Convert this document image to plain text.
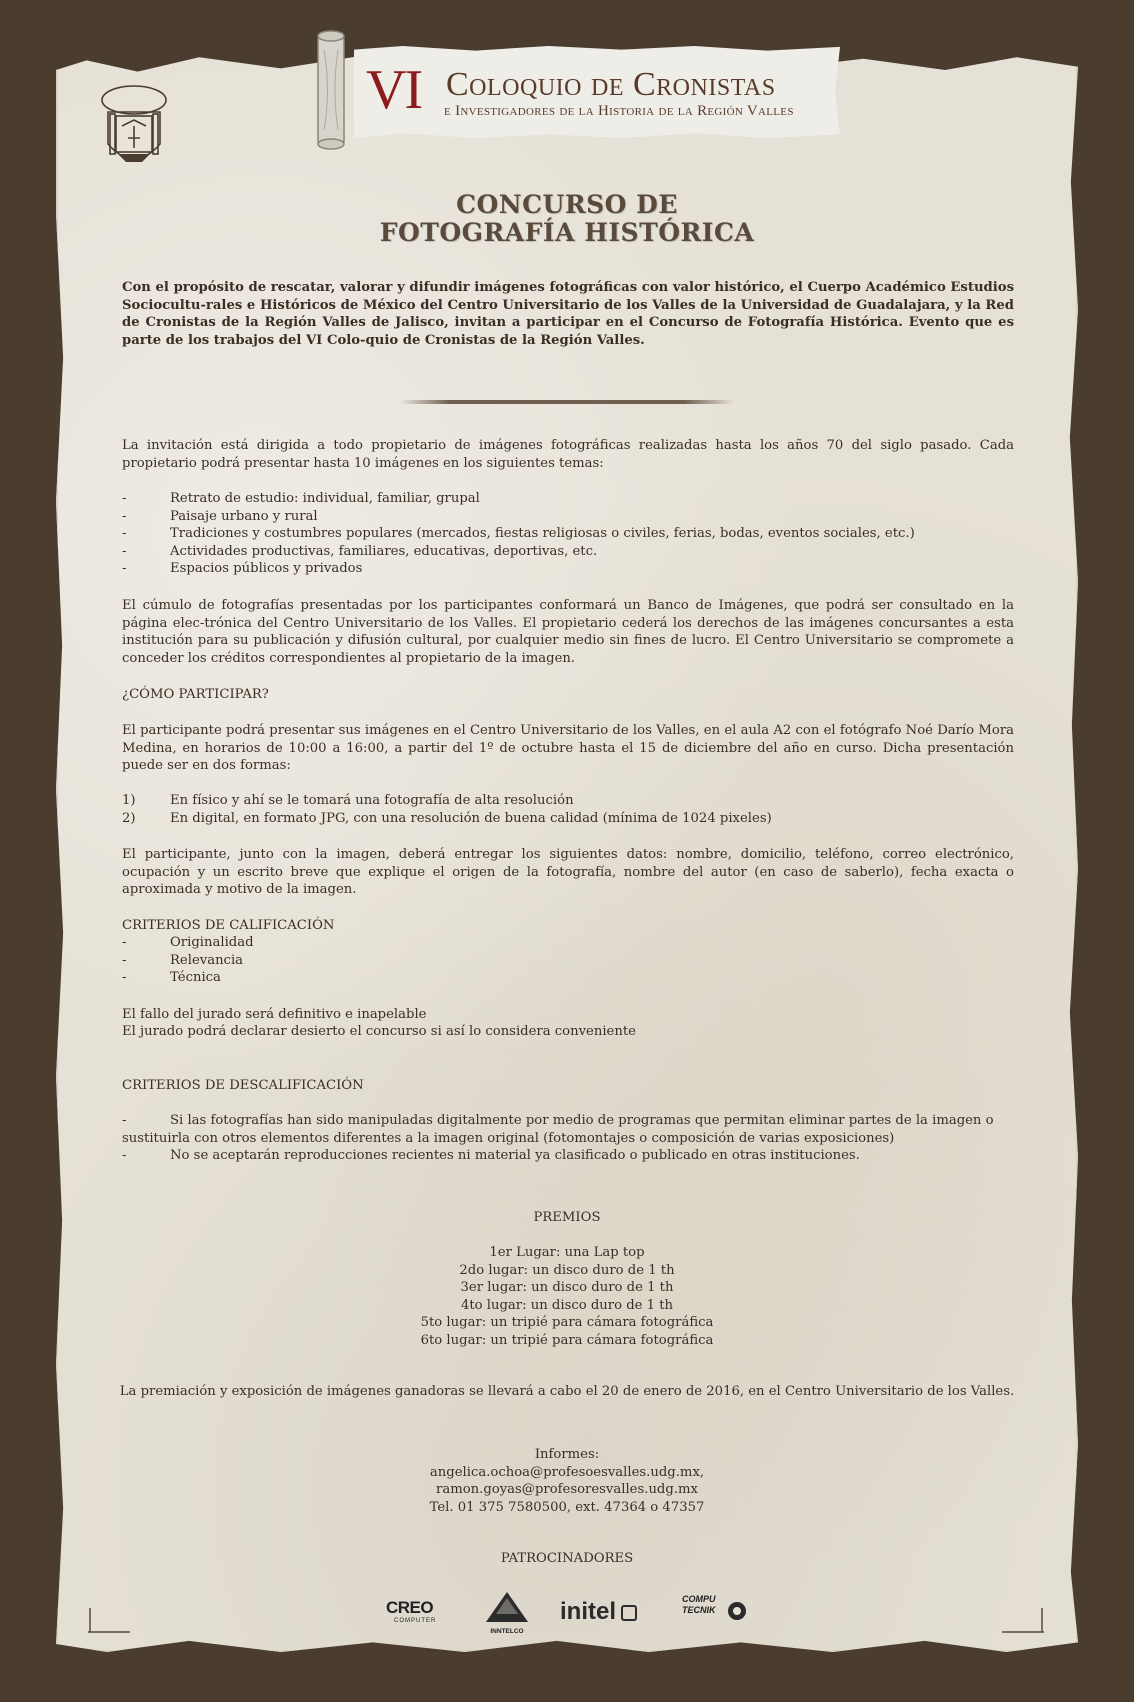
VI Coloquio de Cronistas
e Investigadores de la Historia de la Región Valles
CONCURSO DE
FOTOGRAFÍA HISTÓRICA
Con el propósito de rescatar, valorar y difundir imágenes fotográficas con valor histórico, el Cuerpo Académico Estudios Sociocultu-rales e Históricos de México del Centro Universitario de los Valles de la Universidad de Guadalajara, y la Red de Cronistas de la Región Valles de Jalisco, invitan a participar en el Concurso de Fotografía Histórica. Evento que es parte de los trabajos del VI Colo-quio de Cronistas de la Región Valles.
La invitación está dirigida a todo propietario de imágenes fotográficas realizadas hasta los años 70 del siglo pasado. Cada propietario podrá presentar hasta 10 imágenes en los siguientes temas:
-	Retrato de estudio: individual, familiar, grupal
-	Paisaje urbano y rural
-	Tradiciones y costumbres populares (mercados, fiestas religiosas o civiles, ferias, bodas, eventos sociales, etc.)
-	Actividades productivas, familiares, educativas, deportivas, etc.
-	Espacios públicos y privados
El cúmulo de fotografías presentadas por los participantes conformará un Banco de Imágenes, que podrá ser consultado en la página elec-trónica del Centro Universitario de los Valles. El propietario cederá los derechos de las imágenes concursantes a esta institución para su publicación y difusión cultural, por cualquier medio sin fines de lucro. El Centro Universitario se compromete a conceder los créditos correspondientes al propietario de la imagen.
¿CÓMO PARTICIPAR?
El participante podrá presentar sus imágenes en el Centro Universitario de los Valles, en el aula A2 con el fotógrafo Noé Darío Mora Medina, en horarios de 10:00 a 16:00, a partir del 1º de octubre hasta el 15 de diciembre del año en curso. Dicha presentación puede ser en dos formas:
1)	En físico y ahí se le tomará una fotografía de alta resolución
2)	En digital, en formato JPG, con una resolución de buena calidad (mínima de 1024 pixeles)
El participante, junto con la imagen, deberá entregar los siguientes datos: nombre, domicilio, teléfono, correo electrónico, ocupación y un escrito breve que explique el origen de la fotografía, nombre del autor (en caso de saberlo), fecha exacta o aproximada y motivo de la imagen.
CRITERIOS DE CALIFICACIÓN
-	Originalidad
-	Relevancia
-	Técnica
El fallo del jurado será definitivo e inapelable
El jurado podrá declarar desierto el concurso si así lo considera conveniente
CRITERIOS DE DESCALIFICACIÓN
-	Si las fotografías han sido manipuladas digitalmente por medio de programas que permitan eliminar partes de la imagen o
sustituirla con otros elementos diferentes a la imagen original (fotomontajes o composición de varias exposiciones)
-	No se aceptarán reproducciones recientes ni material ya clasificado o publicado en otras instituciones.
PREMIOS
1er Lugar: una Lap top
2do lugar: un disco duro de 1 th
3er lugar: un disco duro de 1 th
4to lugar: un disco duro de 1 th
5to lugar: un tripié para cámara fotográfica
6to lugar: un tripié para cámara fotográfica
La premiación y exposición de imágenes ganadoras se llevará a cabo el 20 de enero de 2016, en el Centro Universitario de los Valles.
Informes:
angelica.ochoa@profesoesvalles.udg.mx,
ramon.goyas@profesoresvalles.udg.mx
Tel. 01 375 7580500, ext. 47364 o 47357
PATROCINADORES
CREO
COMPUTER
INNTELCO
initel	COMPU TECNIK
